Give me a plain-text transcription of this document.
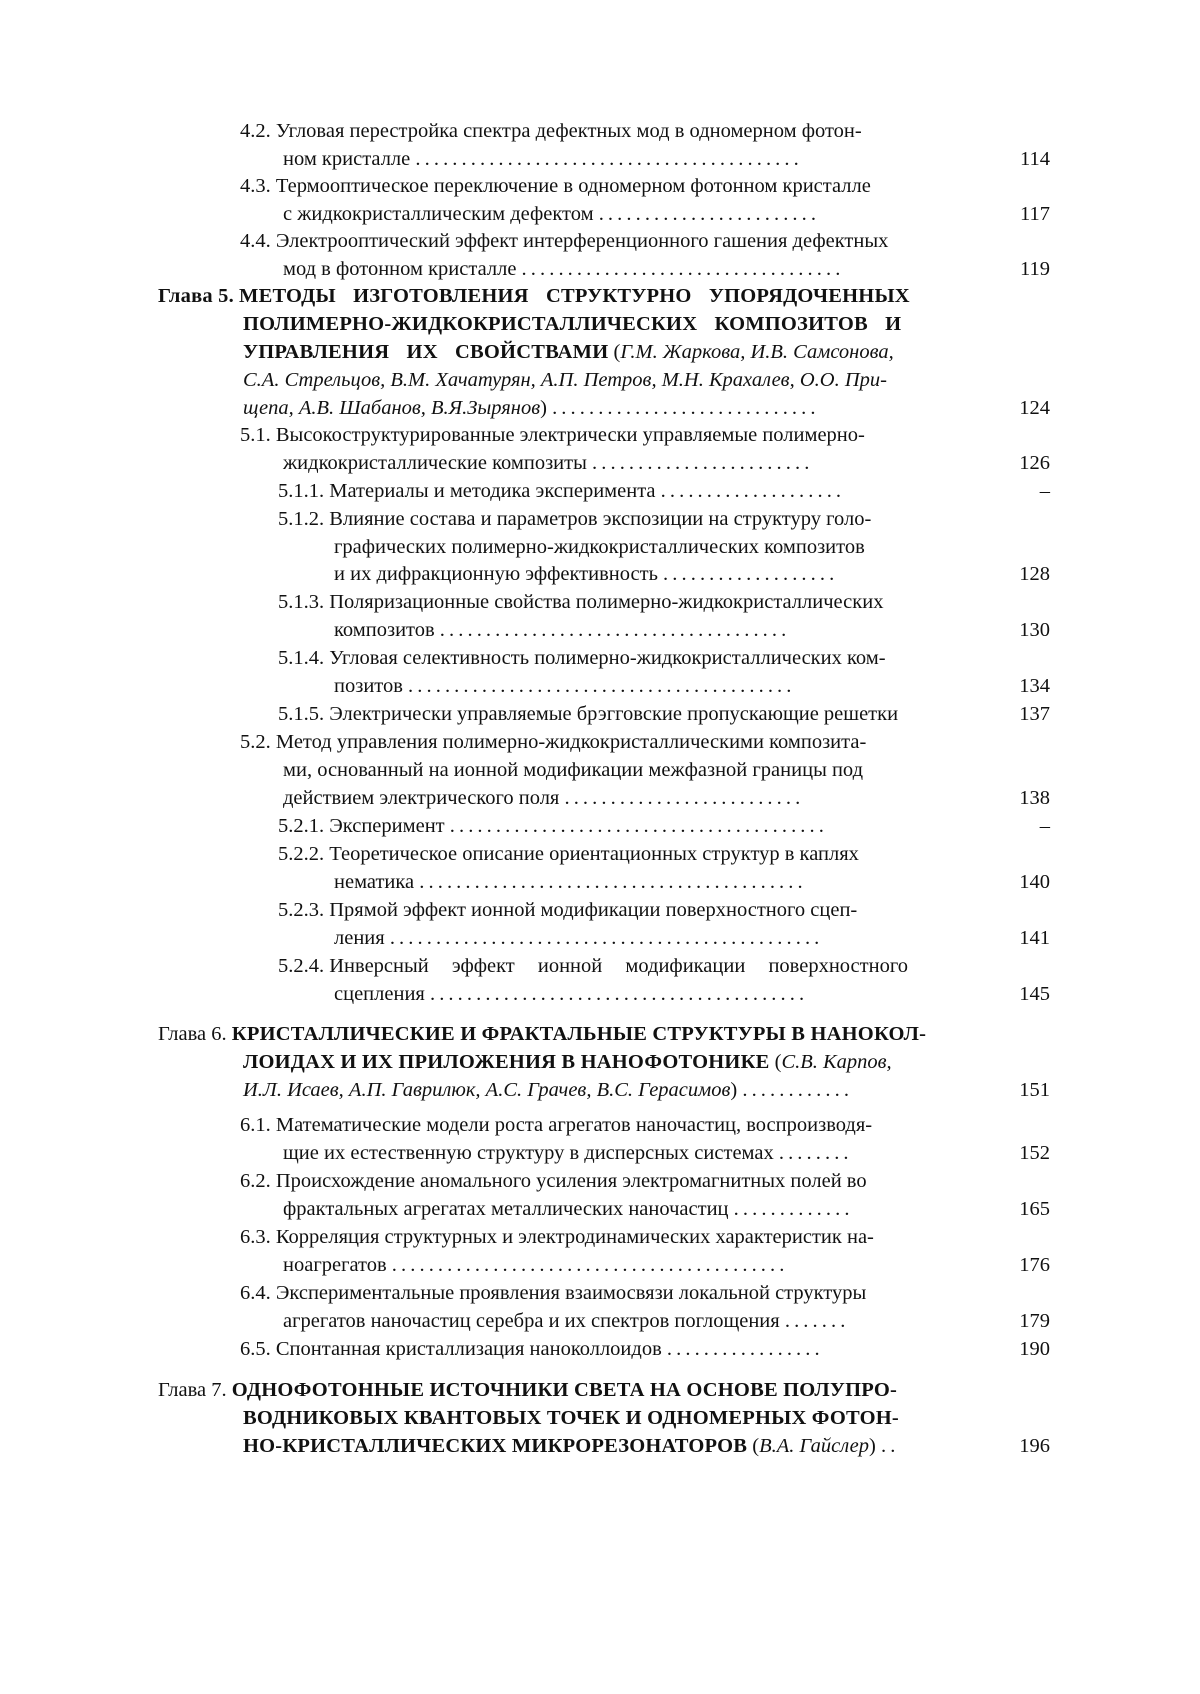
4.2. Угловая перестройка спектра дефектных мод в одномерном фотон-
ном кристалле ..........................................	114
4.3. Термооптическое переключение в одномерном фотонном кристалле
с жидкокристаллическим дефектом ........................	117
4.4. Электрооптический эффект интерференционного гашения дефектных
мод в фотонном кристалле ...................................	119
Глава 5. МЕТОДЫ ИЗГОТОВЛЕНИЯ СТРУКТУРНО УПОРЯДОЧЕННЫХ
ПОЛИМЕРНО-ЖИДКОКРИСТАЛЛИЧЕСКИХ КОМПОЗИТОВ И
УПРАВЛЕНИЯ ИХ СВОЙСТВАМИ (Г.М. Жаркова, И.В. Самсонова,
С.А. Стрельцов, В.М. Хачатурян, А.П. Петров, М.Н. Крахалев, О.О. При-
щепа, А.В. Шабанов, В.Я.Зырянов) .............................	124
5.1. Высокоструктурированные электрически управляемые полимерно-
жидкокристаллические композиты ........................	126
5.1.1. Материалы и методика эксперимента ....................	–
5.1.2. Влияние состава и параметров экспозиции на структуру голо-
графических полимерно-жидкокристаллических композитов
и их дифракционную эффективность ...................	128
5.1.3. Поляризационные свойства полимерно-жидкокристаллических
композитов ......................................	130
5.1.4. Угловая селективность полимерно-жидкокристаллических ком-
позитов ..........................................	134
5.1.5. Электрически управляемые брэгговские пропускающие решетки	137
5.2. Метод управления полимерно-жидкокристаллическими композита-
ми, основанный на ионной модификации межфазной границы под
действием электрического поля ..........................	138
5.2.1. Эксперимент .........................................	–
5.2.2. Теоретическое описание ориентационных структур в каплях
нематика ..........................................	140
5.2.3. Прямой эффект ионной модификации поверхностного сцеп-
ления ...............................................	141
5.2.4. Инверсный эффект ионной модификации поверхностного
сцепления .........................................	145
Глава 6. КРИСТАЛЛИЧЕСКИЕ И ФРАКТАЛЬНЫЕ СТРУКТУРЫ В НАНОКОЛ-
ЛОИДАХ И ИХ ПРИЛОЖЕНИЯ В НАНОФОТОНИКЕ (С.В. Карпов,
И.Л. Исаев, А.П. Гаврилюк, А.С. Грачев, В.С. Герасимов) ............	151
6.1. Математические модели роста агрегатов наночастиц, воспроизводя-
щие их естественную структуру в дисперсных системах ........	152
6.2. Происхождение аномального усиления электромагнитных полей во
фрактальных агрегатах металлических наночастиц .............	165
6.3. Корреляция структурных и электродинамических характеристик на-
ноагрегатов ...........................................	176
6.4. Экспериментальные проявления взаимосвязи локальной структуры
агрегатов наночастиц серебра и их спектров поглощения .......	179
6.5. Спонтанная кристаллизация наноколлоидов .................	190
Глава 7. ОДНОФОТОННЫЕ ИСТОЧНИКИ СВЕТА НА ОСНОВЕ ПОЛУПРО-
ВОДНИКОВЫХ КВАНТОВЫХ ТОЧЕК И ОДНОМЕРНЫХ ФОТОН-
НО-КРИСТАЛЛИЧЕСКИХ МИКРОРЕЗОНАТОРОВ (В.А. Гайслер) ..	196
